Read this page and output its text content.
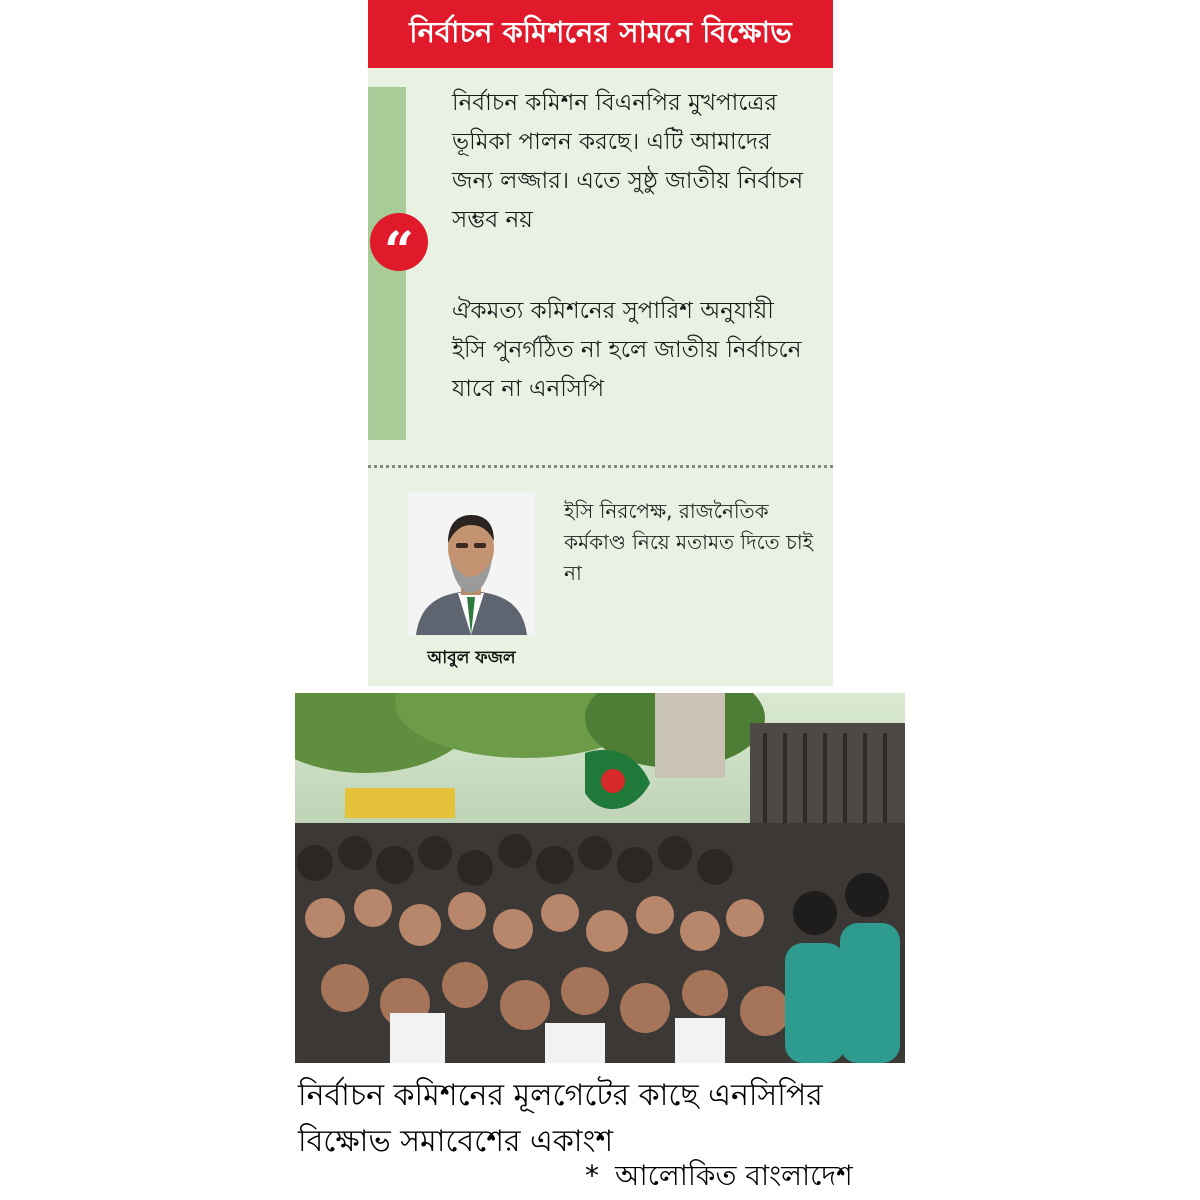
নির্বাচন কমিশনের সামনে বিক্ষোভ
“

নির্বাচন কমিশন বিএনপির মুখপাত্রের ভূমিকা পালন করছে। এটি আমাদের জন্য লজ্জার। এতে সুষ্ঠু জাতীয় নির্বাচন সম্ভব নয়

ঐকমত্য কমিশনের সুপারিশ অনুযায়ী ইসি পুনর্গঠিত না হলে জাতীয় নির্বাচনে যাবে না এনসিপি

আবুল ফজল

ইসি নিরপেক্ষ, রাজনৈতিক কর্মকাণ্ড নিয়ে মতামত দিতে চাই না

নির্বাচন কমিশনের মূলগেটের কাছে এনসিপির বিক্ষোভ সমাবেশের একাংশ

* আলোকিত বাংলাদেশ
